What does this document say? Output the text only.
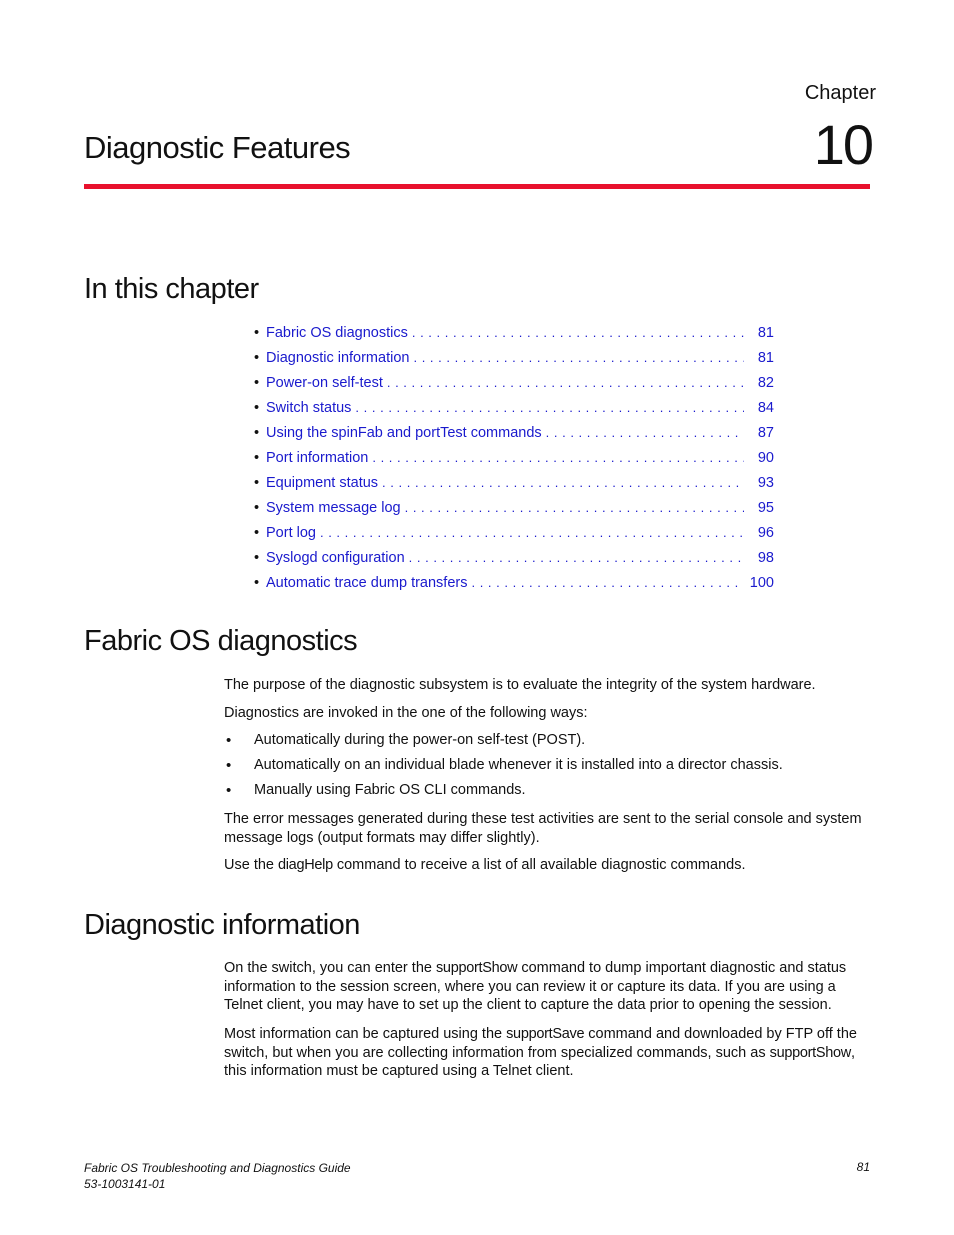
Chapter
10
Diagnostic Features
In this chapter
• Fabric OS diagnostics . . .	81
• Diagnostic information . . .	81
• Power-on self-test . . .	82
• Switch status . . .	84
• Using the spinFab and portTest commands . . .	87
• Port information . . .	90
• Equipment status . . .	93
• System message log . . .	95
• Port log . . .	96
• Syslogd configuration . . .	98
• Automatic trace dump transfers . . .	100
Fabric OS diagnostics

The purpose of the diagnostic subsystem is to evaluate the integrity of the system hardware.

Diagnostics are invoked in the one of the following ways:

•	Automatically during the power-on self-test (POST).
•	Automatically on an individual blade whenever it is installed into a director chassis.
•	Manually using Fabric OS CLI commands.

The error messages generated during these test activities are sent to the serial console and system message logs (output formats may differ slightly).

Use the diagHelp command to receive a list of all available diagnostic commands.

Diagnostic information

On the switch, you can enter the supportShow command to dump important diagnostic and status information to the session screen, where you can review it or capture its data. If you are using a Telnet client, you may have to set up the client to capture the data prior to opening the session.

Most information can be captured using the supportSave command and downloaded by FTP off the switch, but when you are collecting information from specialized commands, such as supportShow, this information must be captured using a Telnet client.

Fabric OS Troubleshooting and Diagnostics Guide
53-1003141-01
81
